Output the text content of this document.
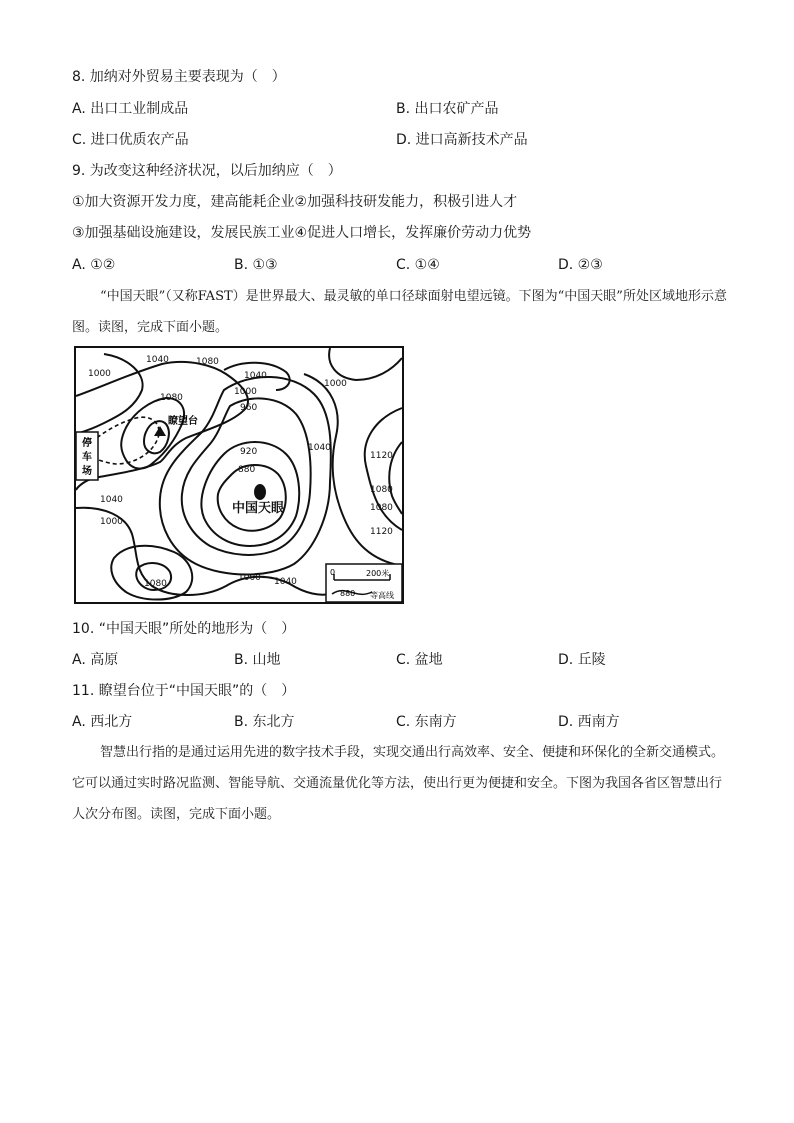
8. 加纳对外贸易主要表现为（　）
A. 出口工业制成品	B. 出口农矿产品
C. 进口优质农产品	D. 进口高新技术产品
9. 为改变这种经济状况，以后加纳应（　）
①加大资源开发力度，建高能耗企业②加强科技研发能力，积极引进人才
③加强基础设施建设，发展民族工业④促进人口增长，发挥廉价劳动力优势
A. ①②	B. ①③	C. ①④	D. ②③
“中国天眼”（又称FAST）是世界最大、最灵敏的单口径球面射电望远镜。下图为“中国天眼”所处区域地形示意图。读图，完成下面小题。
停
车
场
瞭望台
中国天眼
1040	1080
1000	1040
1000
1000
1080
960
1040
920
880
1120
1080
1040
1000
1080
1120
1080
1000 1040
0	200米
880 等高线
10. “中国天眼”所处的地形为（　）
A. 高原	B. 山地	C. 盆地	D. 丘陵
11. 瞭望台位于“中国天眼”的（　）
A. 西北方	B. 东北方	C. 东南方	D. 西南方
智慧出行指的是通过运用先进的数字技术手段，实现交通出行高效率、安全、便捷和环保化的全新交通模式。它可以通过实时路况监测、智能导航、交通流量优化等方法，使出行更为便捷和安全。下图为我国各省区智慧出行人次分布图。读图，完成下面小题。
